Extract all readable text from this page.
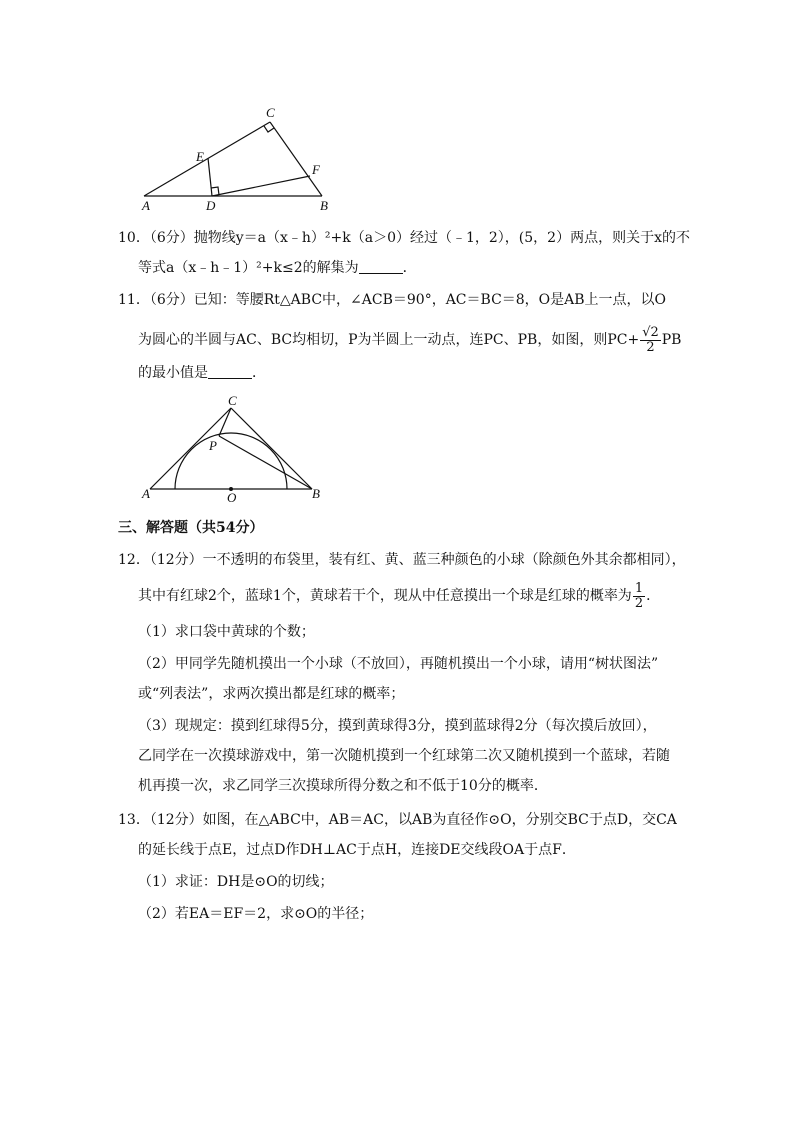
C
E
F
A	D	B
10．（6分）抛物线y＝a（x﹣h）²+k（a＞0）经过（﹣1，2），(5，2）两点，则关于x的不
等式a（x﹣h﹣1）²+k≤2的解集为	．
11．（6分）已知：等腰Rt△ABC中，∠ACB＝90°，AC＝BC＝8，O是AB上一点，以O
为圆心的半圆与AC、BC均相切，P为半圆上一动点，连PC、PB，如图，则$PC+ \frac{√2}{2}$ PB
的最小值是	．
C
P
A	O	B
三、解答题（共54分）
12．（12分）一不透明的布袋里，装有红、黄、蓝三种颜色的小球（除颜色外其余都相同），
其中有红球2个，蓝球1个，黄球若干个，现从中任意摸出一个球是红球的概率为 $\frac{1}{2}$ ．
（1）求口袋中黄球的个数；
（2）甲同学先随机摸出一个小球（不放回），再随机摸出一个小球，请用“树状图法”
或“列表法”，求两次摸出都是红球的概率；
（3）现规定：摸到红球得5分，摸到黄球得3分，摸到蓝球得2分（每次摸后放回），
乙同学在一次摸球游戏中，第一次随机摸到一个红球第二次又随机摸到一个蓝球，若随
机再摸一次，求乙同学三次摸球所得分数之和不低于10分的概率．
13．（12分）如图，在△ABC中，AB＝AC，以AB为直径作⊙O，分别交BC于点D，交CA
的延长线于点E，过点D作DH⊥AC于点H，连接DE交线段OA于点F．
（1）求证：DH是⊙O的切线；
（2）若EA＝EF＝2，求⊙O的半径；
